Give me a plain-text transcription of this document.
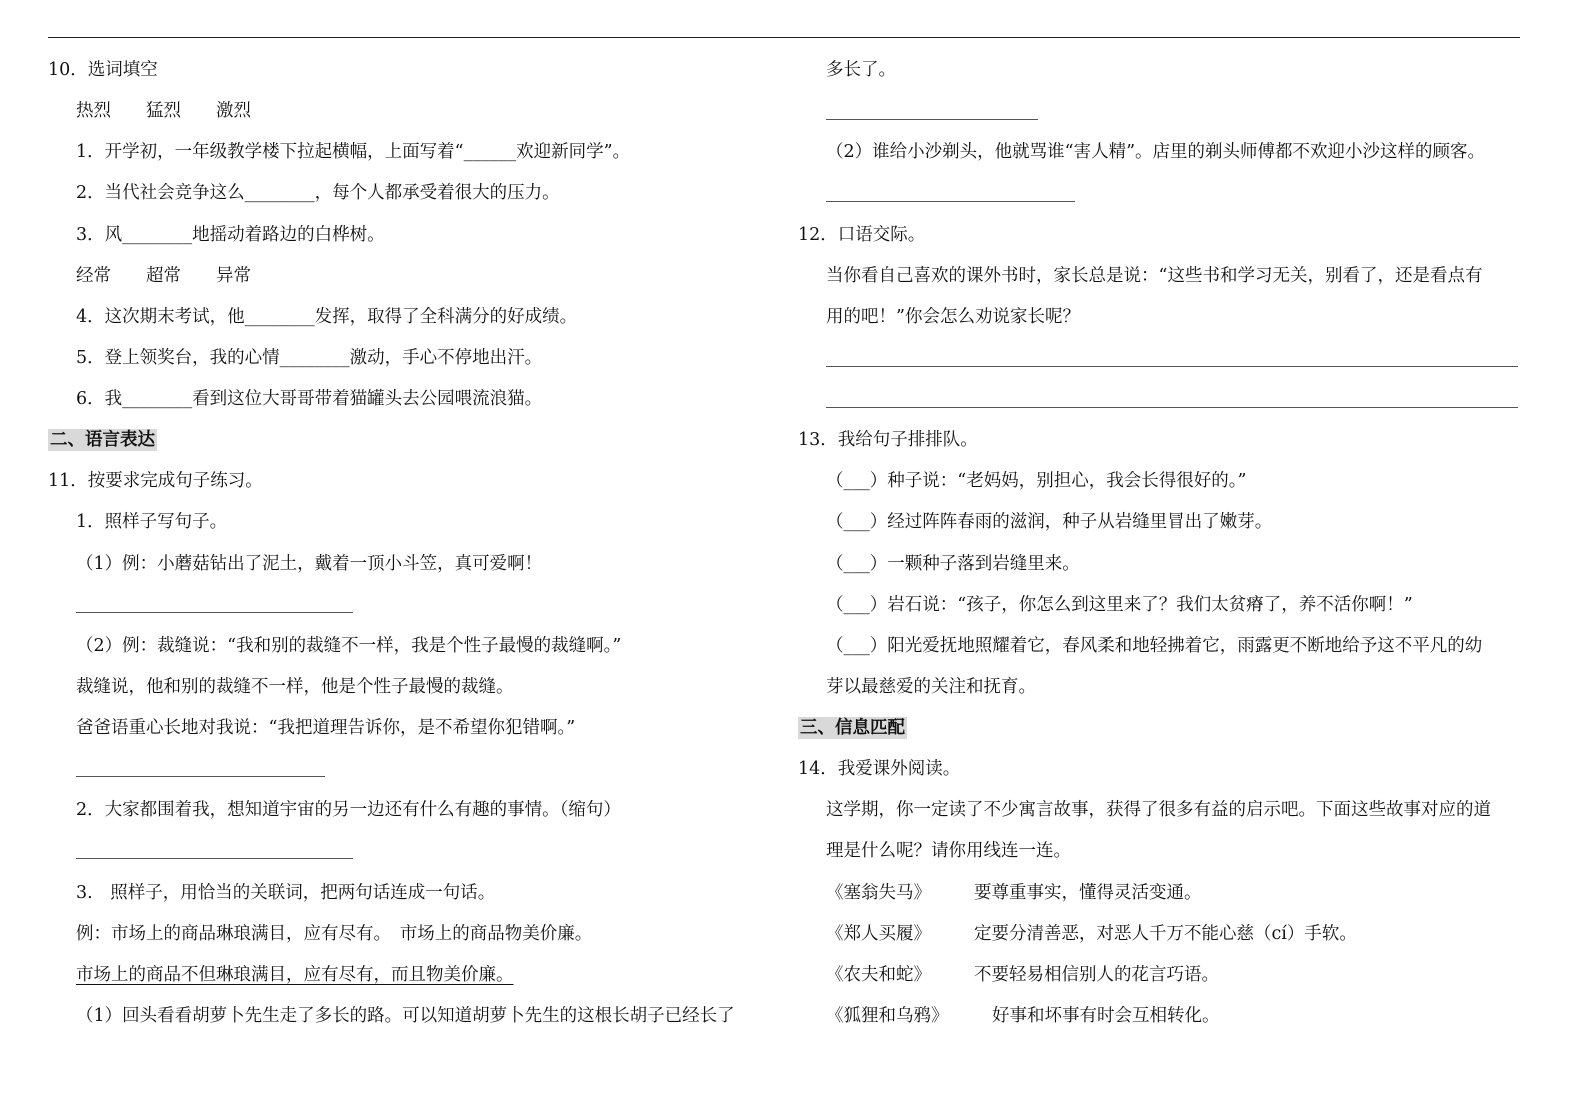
10．选词填空
热烈　　猛烈　　激烈
1．开学初，一年级教学楼下拉起横幅，上面写着“______欢迎新同学”。
2．当代社会竞争这么________，每个人都承受着很大的压力。
3．风________地摇动着路边的白桦树。
经常　　超常　　异常
4．这次期末考试，他________发挥，取得了全科满分的好成绩。
5．登上领奖台，我的心情________激动，手心不停地出汗。
6．我________看到这位大哥哥带着猫罐头去公园喂流浪猫。
二、语言表达
11．按要求完成句子练习。
1．照样子写句子。
（1）例：小蘑菇钻出了泥土，戴着一顶小斗笠，真可爱啊！
（2）例：裁缝说：“我和别的裁缝不一样，我是个性子最慢的裁缝啊。”
裁缝说，他和别的裁缝不一样，他是个性子最慢的裁缝。
爸爸语重心长地对我说：“我把道理告诉你，是不希望你犯错啊。”
2．大家都围着我，想知道宇宙的另一边还有什么有趣的事情。（缩句）
3.　照样子，用恰当的关联词，把两句话连成一句话。
例：市场上的商品琳琅满目，应有尽有。　市场上的商品物美价廉。
市场上的商品不但琳琅满目，应有尽有，而且物美价廉。
（1）回头看看胡萝卜先生走了多长的路。可以知道胡萝卜先生的这根长胡子已经长了
多长了。
（2）谁给小沙剃头，他就骂谁“害人精”。店里的剃头师傅都不欢迎小沙这样的顾客。
12．口语交际。
当你看自己喜欢的课外书时，家长总是说：“这些书和学习无关，别看了，还是看点有
用的吧！”你会怎么劝说家长呢？
13．我给句子排排队。
（___）种子说：“老妈妈，别担心，我会长得很好的。”
（___）经过阵阵春雨的滋润，种子从岩缝里冒出了嫩芽。
（___）一颗种子落到岩缝里来。
（___）岩石说：“孩子，你怎么到这里来了？我们太贫瘠了，养不活你啊！”
（___）阳光爱抚地照耀着它，春风柔和地轻拂着它，雨露更不断地给予这不平凡的幼
芽以最慈爱的关注和抚育。
三、信息匹配
14．我爱课外阅读。
这学期，你一定读了不少寓言故事，获得了很多有益的启示吧。下面这些故事对应的道
理是什么呢？请你用线连一连。
《塞翁失马》 要尊重事实，懂得灵活变通。
《郑人买履》 定要分清善恶，对恶人千万不能心慈（cí）手软。
《农夫和蛇》 不要轻易相信别人的花言巧语。
《狐狸和乌鸦》 好事和坏事有时会互相转化。
